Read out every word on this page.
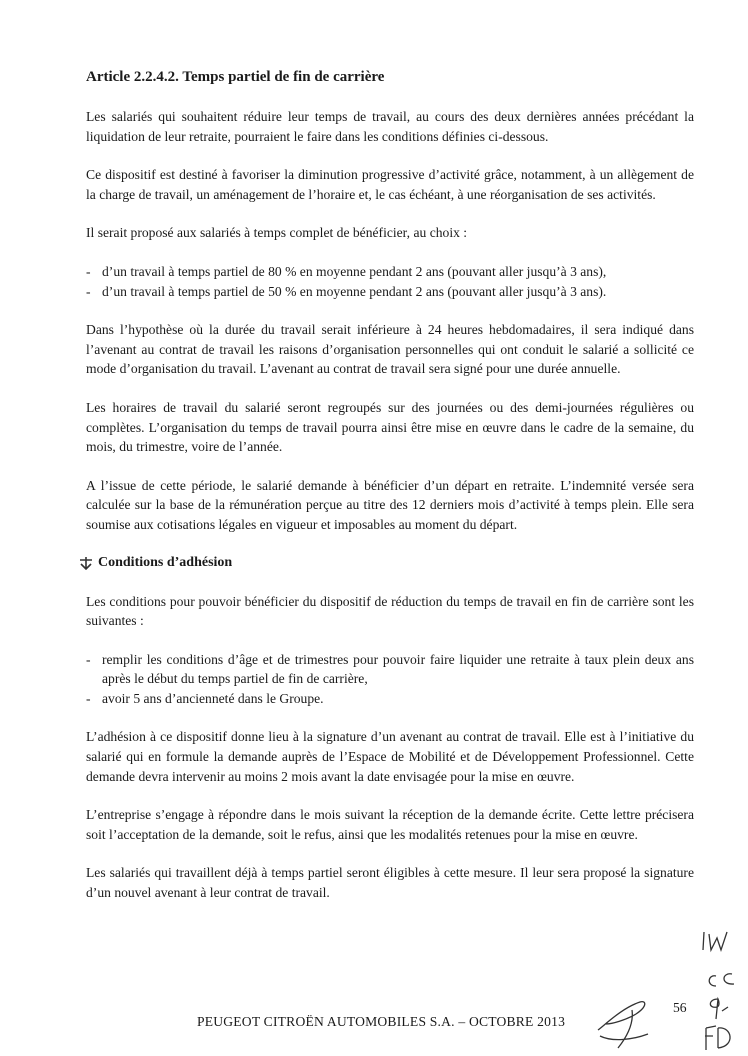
Article 2.2.4.2. Temps partiel de fin de carrière

Les salariés qui souhaitent réduire leur temps de travail, au cours des deux dernières années précédant la liquidation de leur retraite, pourraient le faire dans les conditions définies ci-dessous.

Ce dispositif est destiné à favoriser la diminution progressive d’activité grâce, notamment, à un allègement de la charge de travail, un aménagement de l’horaire et, le cas échéant, à une réorganisation de ses activités.

Il serait proposé aux salariés à temps complet de bénéficier, au choix :

- d’un travail à temps partiel de 80 % en moyenne pendant 2 ans (pouvant aller jusqu’à 3 ans),
- d’un travail à temps partiel de 50 % en moyenne pendant 2 ans (pouvant aller jusqu’à 3 ans).

Dans l’hypothèse où la durée du travail serait inférieure à 24 heures hebdomadaires, il sera indiqué dans l’avenant au contrat de travail les raisons d’organisation personnelles qui ont conduit le salarié a sollicité ce mode d’organisation du travail. L’avenant au contrat de travail sera signé pour une durée annuelle.

Les horaires de travail du salarié seront regroupés sur des journées ou des demi-journées régulières ou complètes. L’organisation du temps de travail pourra ainsi être mise en œuvre dans le cadre de la semaine, du mois, du trimestre, voire de l’année.

A l’issue de cette période, le salarié demande à bénéficier d’un départ en retraite. L’indemnité versée sera calculée sur la base de la rémunération perçue au titre des 12 derniers mois d’activité à temps plein. Elle sera soumise aux cotisations légales en vigueur et imposables au moment du départ.

Conditions d’adhésion

Les conditions pour pouvoir bénéficier du dispositif de réduction du temps de travail en fin de carrière sont les suivantes :

- remplir les conditions d’âge et de trimestres pour pouvoir faire liquider une retraite à taux plein deux ans après le début du temps partiel de fin de carrière,
- avoir 5 ans d’ancienneté dans le Groupe.

L’adhésion à ce dispositif donne lieu à la signature d’un avenant au contrat de travail. Elle est à l’initiative du salarié qui en formule la demande auprès de l’Espace de Mobilité et de Développement Professionnel. Cette demande devra intervenir au moins 2 mois avant la date envisagée pour la mise en œuvre.

L’entreprise s’engage à répondre dans le mois suivant la réception de la demande écrite. Cette lettre précisera soit l’acceptation de la demande, soit le refus, ainsi que les modalités retenues pour la mise en œuvre.

Les salariés qui travaillent déjà à temps partiel seront éligibles à cette mesure. Il leur sera proposé la signature d’un nouvel avenant à leur contrat de travail.

PEUGEOT CITROËN AUTOMOBILES S.A. – OCTOBRE 2013
56
